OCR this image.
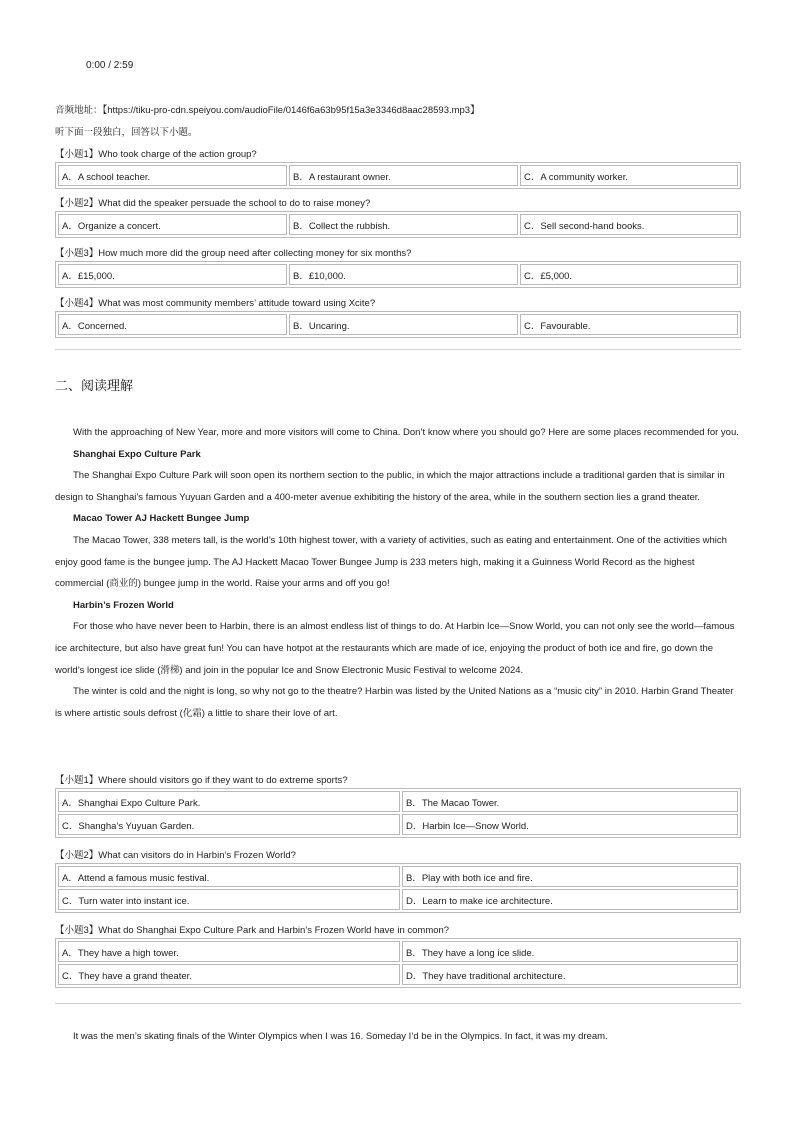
0:00 / 2:59
音频地址：【https://tiku-pro-cdn.speiyou.com/audioFile/0146f6a63b95f15a3e3346d8aac28593.mp3】
听下面一段独白，回答以下小题。
【小题1】Who took charge of the action group?
A．A school teacher.	B．A restaurant owner.	C．A community worker.
【小题2】What did the speaker persuade the school to do to raise money?
A．Organize a concert.	B．Collect the rubbish.	C．Sell second-hand books.
【小题3】How much more did the group need after collecting money for six months?
A．£15,000.	B．£10,000.	C．£5,000.
【小题4】What was most community members’ attitude toward using Xcite?
A．Concerned.	B．Uncaring.	C．Favourable.
二、阅读理解

With the approaching of New Year, more and more visitors will come to China. Don’t know where you should go? Here are some places recommended for you.

Shanghai Expo Culture Park

The Shanghai Expo Culture Park will soon open its northern section to the public, in which the major attractions include a traditional garden that is similar in design to Shanghai’s famous Yuyuan Garden and a 400-meter avenue exhibiting the history of the area, while in the southern section lies a grand theater.

Macao Tower AJ Hackett Bungee Jump

The Macao Tower, 338 meters tall, is the world’s 10th highest tower, with a variety of activities, such as eating and entertainment. One of the activities which enjoy good fame is the bungee jump. The AJ Hackett Macao Tower Bungee Jump is 233 meters high, making it a Guinness World Record as the highest commercial (商业的) bungee jump in the world. Raise your arms and off you go!

Harbin’s Frozen World

For those who have never been to Harbin, there is an almost endless list of things to do. At Harbin Ice—Snow World, you can not only see the world—famous ice architecture, but also have great fun! You can have hotpot at the restaurants which are made of ice, enjoying the product of both ice and fire, go down the world’s longest ice slide (滑梯) and join in the popular Ice and Snow Electronic Music Festival to welcome 2024.

The winter is cold and the night is long, so why not go to the theatre? Harbin was listed by the United Nations as a “music city” in 2010. Harbin Grand Theater is where artistic souls defrost (化霜) a little to share their love of art.

【小题1】Where should visitors go if they want to do extreme sports?
A．Shanghai Expo Culture Park.	B．The Macao Tower.
C．Shangha’s Yuyuan Garden.	D．Harbin Ice—Snow World.
【小题2】What can visitors do in Harbin’s Frozen World?
A．Attend a famous music festival.	B．Play with both ice and fire.
C．Turn water into instant ice.	D．Learn to make ice architecture.
【小题3】What do Shanghai Expo Culture Park and Harbin’s Frozen World have in common?
A．They have a high tower.	B．They have a long ice slide.
C．They have a grand theater.	D．They have traditional architecture.
It was the men’s skating finals of the Winter Olympics when I was 16. Someday I’d be in the Olympics. In fact, it was my dream.
